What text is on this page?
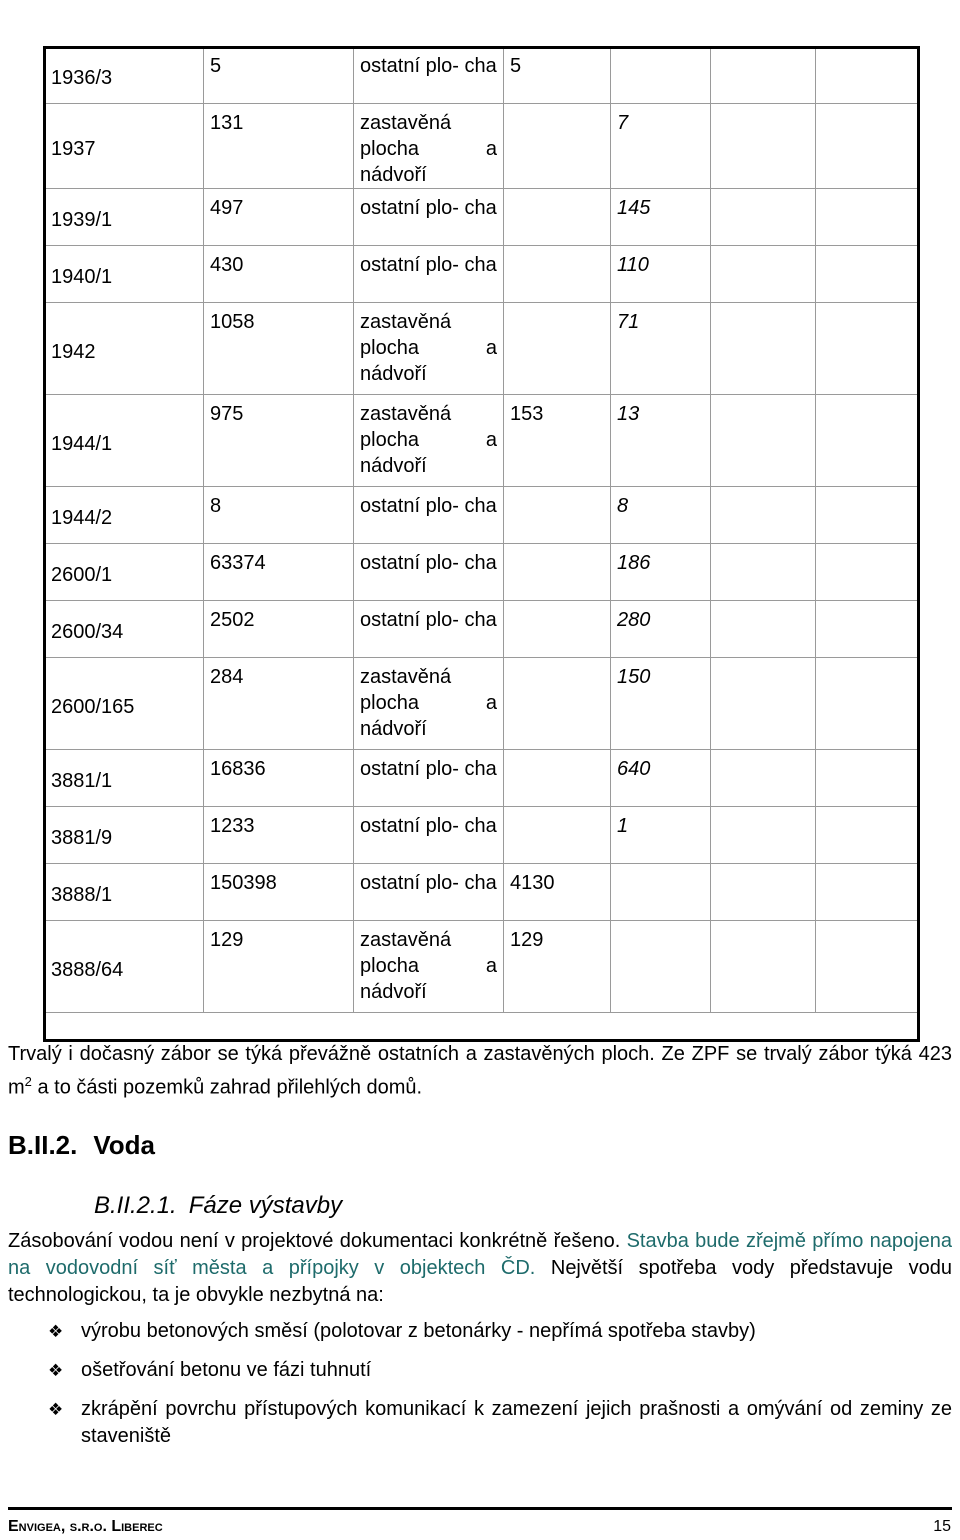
1936/3	5	ostatní plo- cha	5			
1937	131	zastavěná plocha a nádvoří		7		
1939/1	497	ostatní plo- cha		145		
1940/1	430	ostatní plo- cha		110		
1942	1058	zastavěná plocha a nádvoří		71		
1944/1	975	zastavěná plocha a nádvoří	153	13		
1944/2	8	ostatní plo- cha		8		
2600/1	63374	ostatní plo- cha		186		
2600/34	2502	ostatní plo- cha		280		
2600/165	284	zastavěná plocha a nádvoří		150		
3881/1	16836	ostatní plo- cha		640		
3881/9	1233	ostatní plo- cha		1		
3888/1	150398	ostatní plo- cha	4130			
3888/64	129	zastavěná plocha a nádvoří	129			
Trvalý i dočasný zábor se týká převážně ostatních a zastavěných ploch. Ze ZPF se trvalý zábor týká 423 $m^2$ a to části pozemků zahrad přilehlých domů.
B.II.2. Voda
B.II.2.1. Fáze výstavby
Zásobování vodou není v projektové dokumentaci konkrétně řešeno. Stavba bude zřejmě přímo napojena na vodovodní síť města a přípojky v objektech ČD. Největší spotřeba vody představuje vodu technologickou, ta je obvykle nezbytná na:
❖ výrobu betonových směsí (polotovar z betonárky - nepřímá spotřeba stavby)
❖ ošetřování betonu ve fázi tuhnutí
❖ zkrápění povrchu přístupových komunikací k zamezení jejich prašnosti a omývání od zeminy ze staveniště
Envigea, s.r.o. Liberec	15
